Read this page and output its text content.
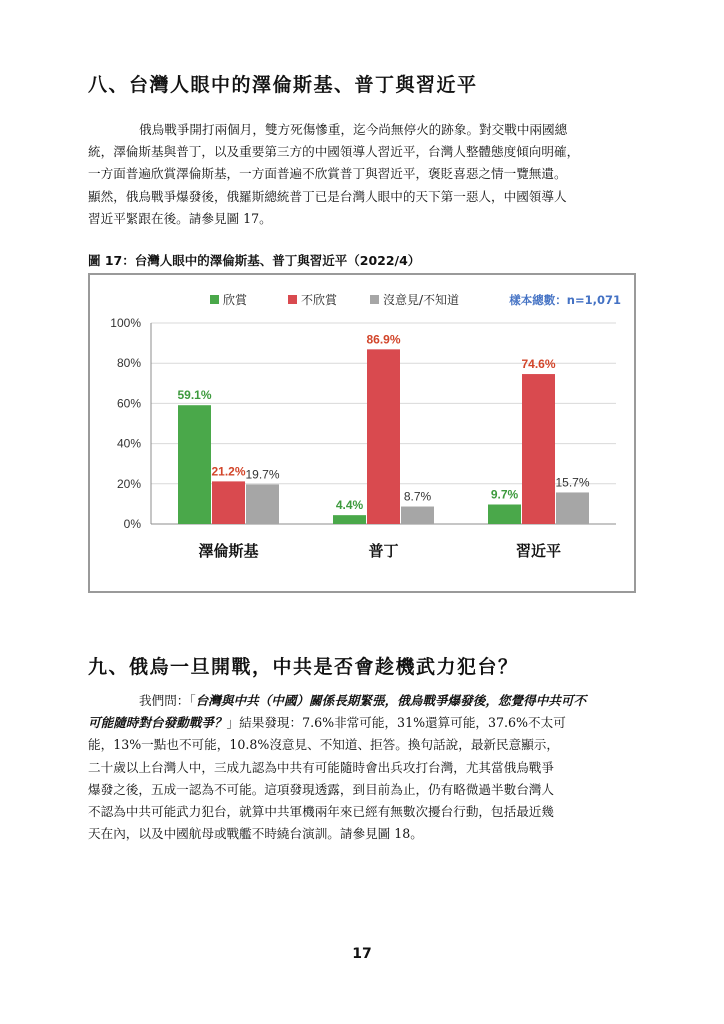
八、台灣人眼中的澤倫斯基、普丁與習近平
俄烏戰爭開打兩個月，雙方死傷慘重，迄今尚無停火的跡象。對交戰中兩國總
統，澤倫斯基與普丁，以及重要第三方的中國領導人習近平，台灣人整體態度傾向明確，
一方面普遍欣賞澤倫斯基，一方面普遍不欣賞普丁與習近平，褒貶喜惡之情一覽無遺。
顯然，俄烏戰爭爆發後，俄羅斯總統普丁已是台灣人眼中的天下第一惡人，中國領導人
習近平緊跟在後。請參見圖 17。
圖 17：台灣人眼中的澤倫斯基、普丁與習近平（2022/4）
0%
20%
40%
60%
80%
100%
59.1%
21.2% 19.7%
澤倫斯基
4.4%
86.9%
8.7%
普丁
9.7%
74.6%
15.7%
習近平
欣賞	不欣賞	沒意見/不知道	樣本總數：n=1,071
九、俄烏一旦開戰，中共是否會趁機武力犯台？
我們問：「台灣與中共（中國）關係長期緊張，俄烏戰爭爆發後，您覺得中共可不
可能隨時對台發動戰爭？」結果發現：7.6%非常可能，31%還算可能，37.6%不太可
能，13%一點也不可能，10.8%沒意見、不知道、拒答。換句話說，最新民意顯示，
二十歲以上台灣人中，三成九認為中共有可能隨時會出兵攻打台灣，尤其當俄烏戰爭
爆發之後，五成一認為不可能。這項發現透露，到目前為止，仍有略微過半數台灣人
不認為中共可能武力犯台，就算中共軍機兩年來已經有無數次擾台行動，包括最近幾
天在內，以及中國航母或戰艦不時繞台演訓。請參見圖 18。
17
